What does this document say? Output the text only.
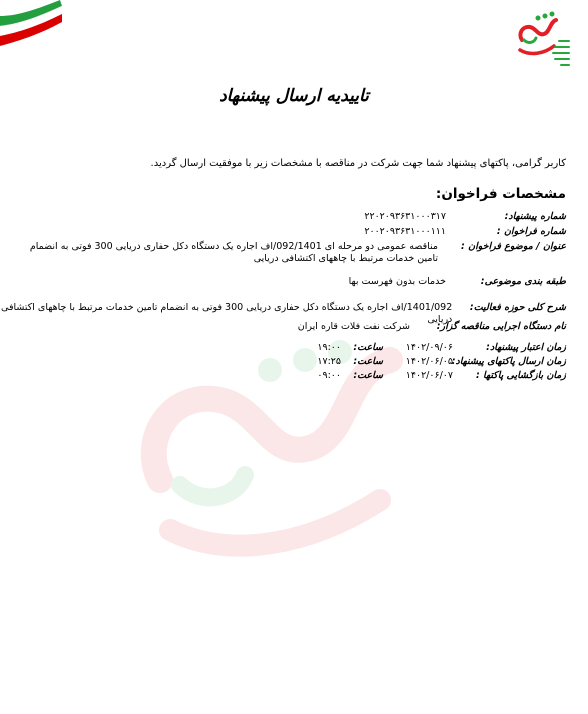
تاییدیه ارسال پیشنهاد
کاربر گرامی، پاکتهای پیشنهاد شما جهت شرکت در مناقصه با مشخصات زیر با موفقیت ارسال گردید.
مشخصات فراخوان:
شماره پیشنهاد:
۲۲۰۲۰۹۳۶۳۱۰۰۰۳۱۷
شماره فراخوان :
۲۰۰۲۰۹۳۶۳۱۰۰۰۱۱۱
عنوان / موضوع فراخوان :
مناقصه عمومی دو مرحله ای 092/1401/اف اجاره یک دستگاه دکل حفاری دریایی 300 فوتی به انضمام تامین خدمات مرتبط با چاههای اکتشافی دریایی
طبقه بندی موضوعی:
خدمات بدون فهرست بها
شرح کلی حوزه فعالیت:
1401/092/اف اجاره یک دستگاه دکل حفاری دریایی 300 فوتی به انضمام تامین خدمات مرتبط با چاههای اکتشافی دریایی
نام دستگاه اجرایی مناقصه گزار:
شرکت نفت فلات قاره ایران
زمان اعتبار پیشنهاد:
۱۴۰۲/۰۹/۰۶
ساعت:
۱۹:۰۰
زمان ارسال پاکتهای پیشنهاد:
۱۴۰۲/۰۶/۰۵
ساعت:
۱۷:۲۵
زمان بازگشایی پاکتها :
۱۴۰۲/۰۶/۰۷
ساعت:
۰۹:۰۰
